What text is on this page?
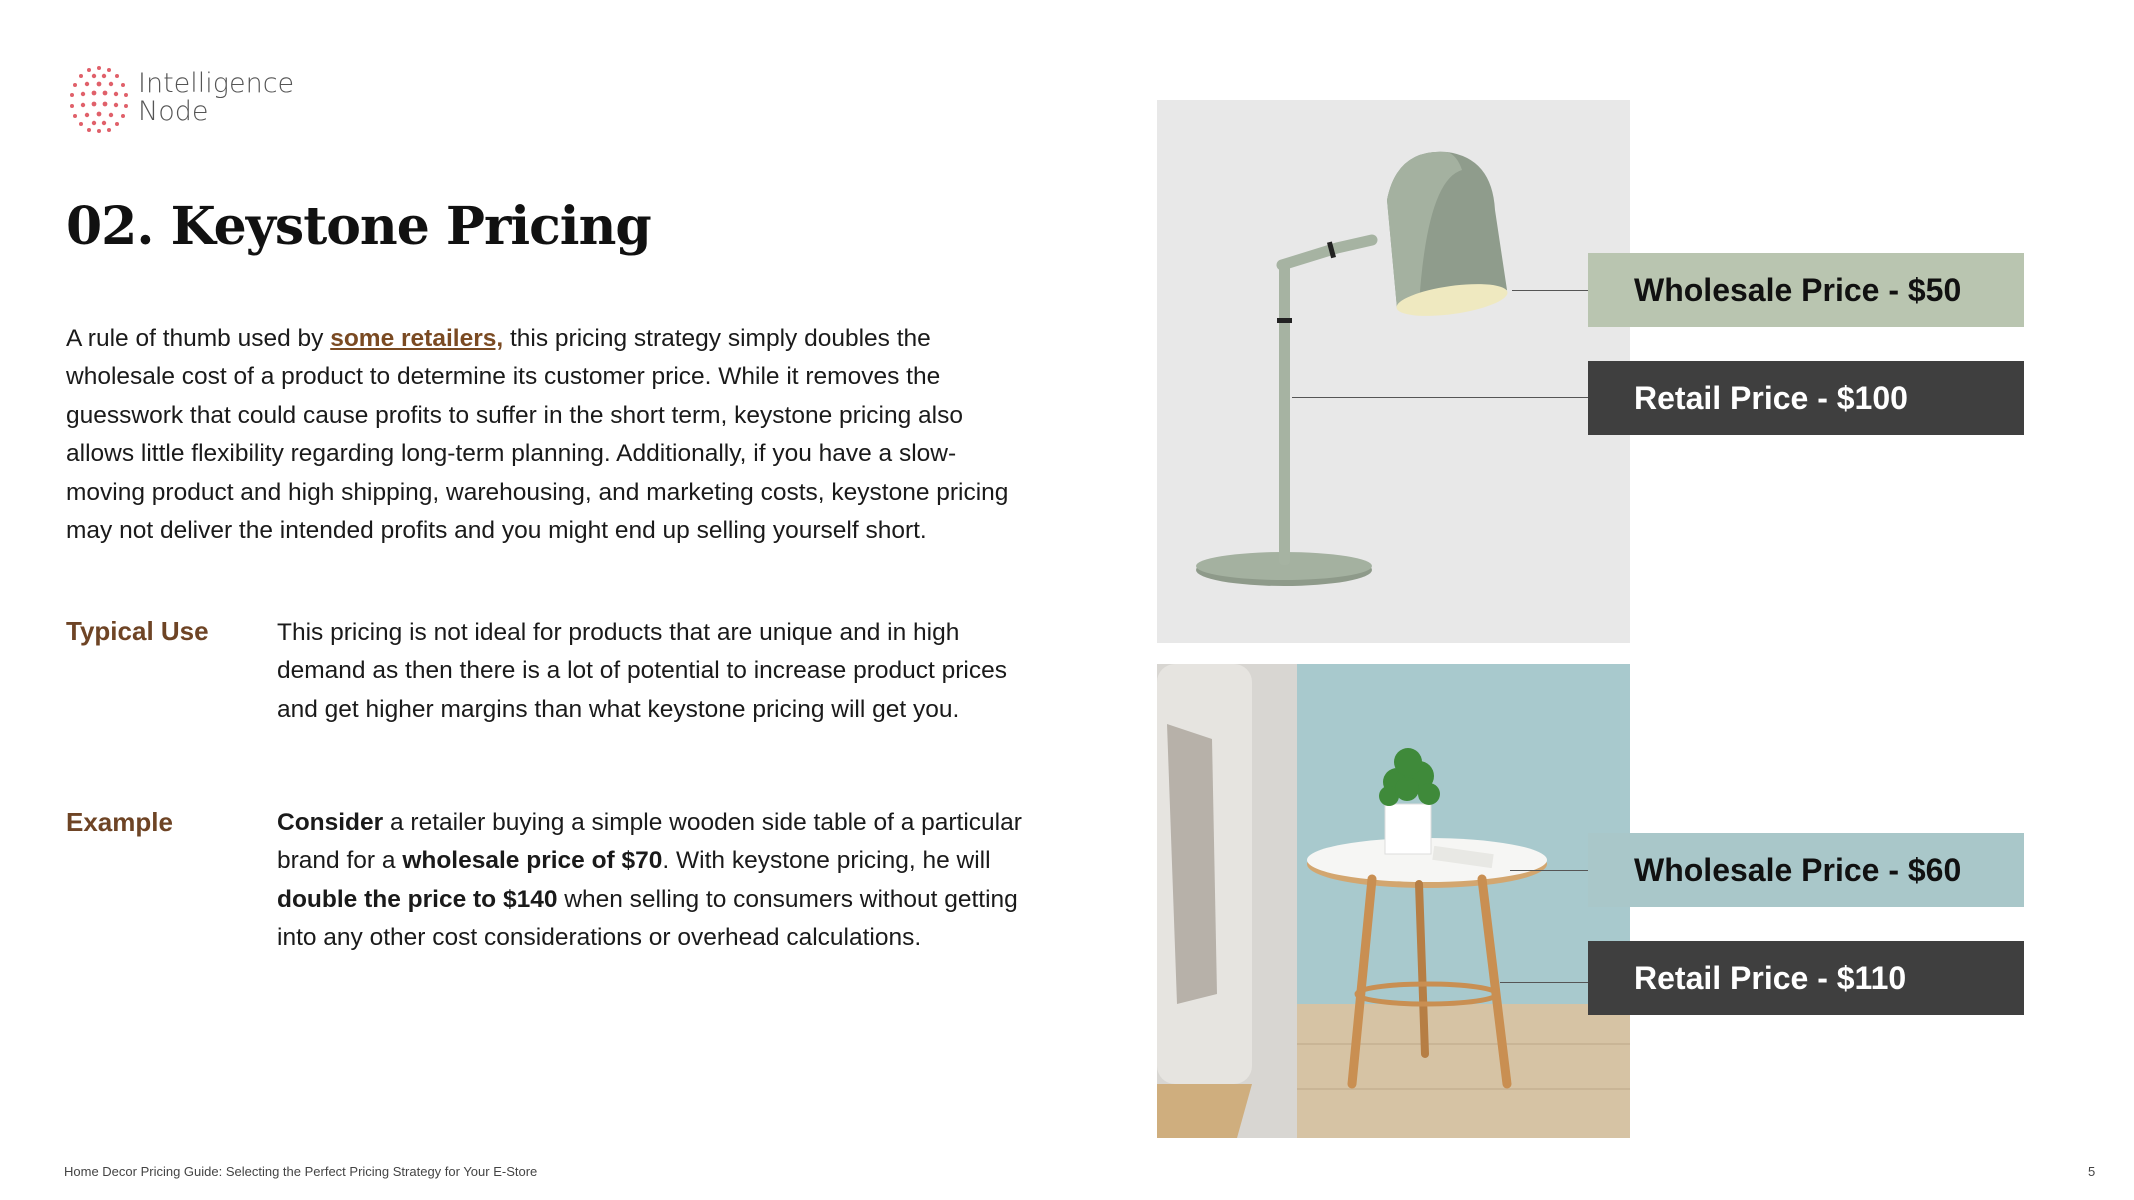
Intelligence
Node
02. Keystone Pricing
A rule of thumb used by some retailers, this pricing strategy simply doubles the wholesale cost of a product to determine its customer price. While it removes the guesswork that could cause profits to suffer in the short term, keystone pricing also allows little flexibility regarding long-term planning. Additionally, if you have a slow-moving product and high shipping, warehousing, and marketing costs, keystone pricing may not deliver the intended profits and you might end up selling yourself short.
Typical Use	This pricing is not ideal for products that are unique and in high demand as then there is a lot of potential to increase product prices and get higher margins than what keystone pricing will get you.
Example	Consider a retailer buying a simple wooden side table of a particular brand for a wholesale price of $70. With keystone pricing, he will double the price to $140 when selling to consumers without getting into any other cost considerations or overhead calculations.
Wholesale Price - $50
Retail Price - $100
Wholesale Price - $60
Retail Price - $110
Home Decor Pricing Guide: Selecting the Perfect Pricing Strategy for Your E-Store	5
